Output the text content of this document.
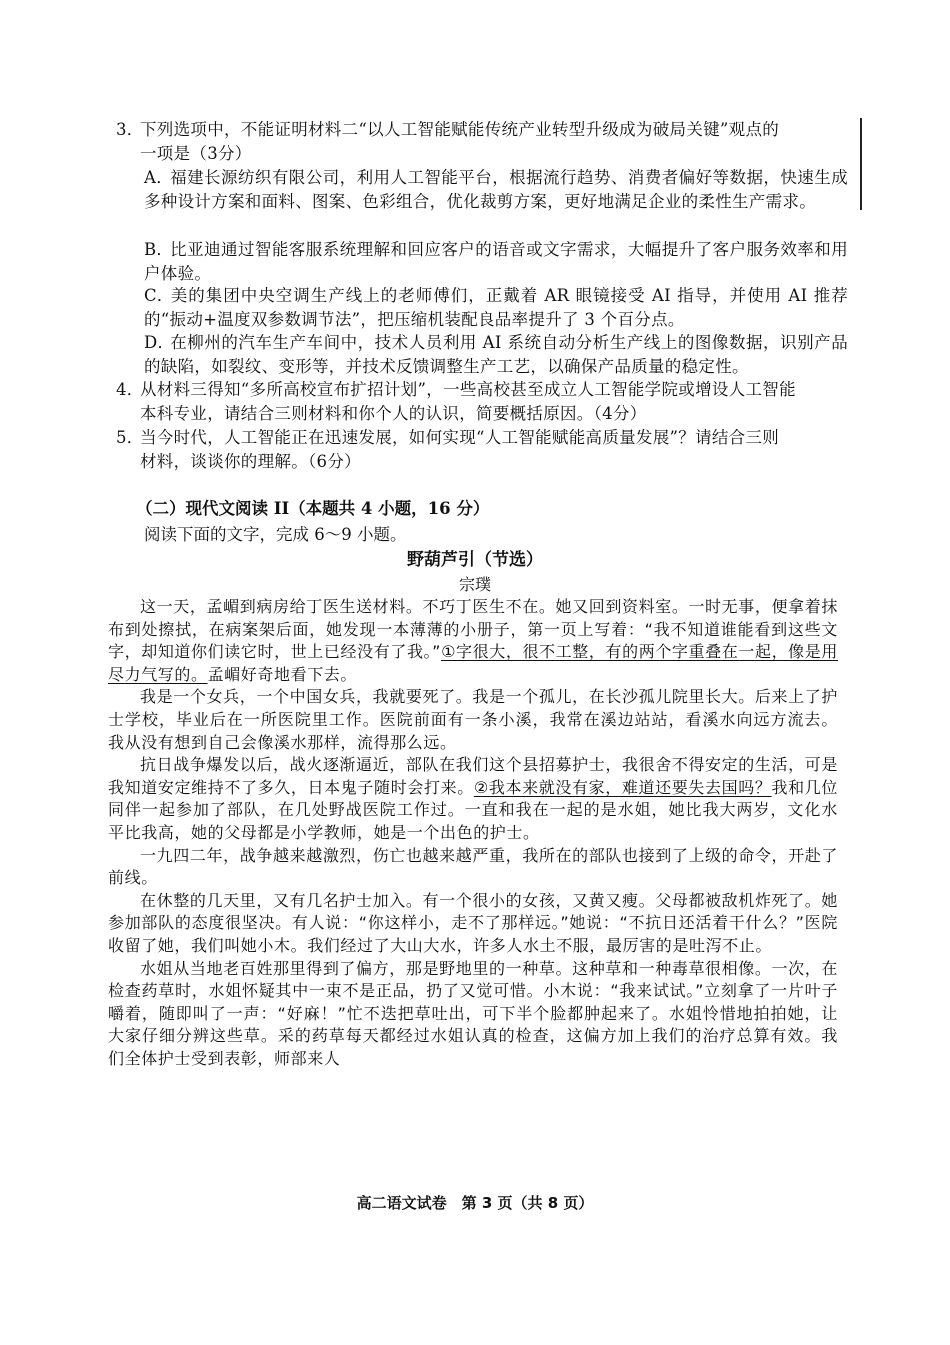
3．下列选项中，不能证明材料二“以人工智能赋能传统产业转型升级成为破局关键”观点的
一项是（3分）
A．福建长源纺织有限公司，利用人工智能平台，根据流行趋势、消费者偏好等数据，快速生成多种设计方案和面料、图案、色彩组合，优化裁剪方案，更好地满足企业的柔性生产需求。
B．比亚迪通过智能客服系统理解和回应客户的语音或文字需求，大幅提升了客户服务效率和用户体验。
C．美的集团中央空调生产线上的老师傅们，正戴着 AR 眼镜接受 AI 指导，并使用 AI 推荐的“振动+温度双参数调节法”，把压缩机装配良品率提升了 3 个百分点。
D．在柳州的汽车生产车间中，技术人员利用 AI 系统自动分析生产线上的图像数据，识别产品的缺陷，如裂纹、变形等，并技术反馈调整生产工艺，以确保产品质量的稳定性。
4．从材料三得知“多所高校宣布扩招计划”，一些高校甚至成立人工智能学院或增设人工智能
本科专业，请结合三则材料和你个人的认识，简要概括原因。（4分）
5．当今时代，人工智能正在迅速发展，如何实现“人工智能赋能高质量发展”？请结合三则
材料，谈谈你的理解。（6分）
（二）现代文阅读 II（本题共 4 小题，16 分）
阅读下面的文字，完成 6～9 小题。
野葫芦引（节选）
宗璞

这一天，孟嵋到病房给丁医生送材料。不巧丁医生不在。她又回到资料室。一时无事，便拿着抹布到处擦拭，在病案架后面，她发现一本薄薄的小册子，第一页上写着：“我不知道谁能看到这些文字，却知道你们读它时，世上已经没有了我。”①字很大，很不工整，有的两个字重叠在一起，像是用尽力气写的。孟嵋好奇地看下去。

我是一个女兵，一个中国女兵，我就要死了。我是一个孤儿，在长沙孤儿院里长大。后来上了护士学校，毕业后在一所医院里工作。医院前面有一条小溪，我常在溪边站站，看溪水向远方流去。我从没有想到自己会像溪水那样，流得那么远。

抗日战争爆发以后，战火逐渐逼近，部队在我们这个县招募护士，我很舍不得安定的生活，可是我知道安定维持不了多久，日本鬼子随时会打来。②我本来就没有家，难道还要失去国吗？我和几位同伴一起参加了部队，在几处野战医院工作过。一直和我在一起的是水姐，她比我大两岁，文化水平比我高，她的父母都是小学教师，她是一个出色的护士。

一九四二年，战争越来越激烈，伤亡也越来越严重，我所在的部队也接到了上级的命令，开赴了前线。

在休整的几天里，又有几名护士加入。有一个很小的女孩，又黄又瘦。父母都被敌机炸死了。她参加部队的态度很坚决。有人说：“你这样小，走不了那样远。”她说：“不抗日还活着干什么？”医院收留了她，我们叫她小木。我们经过了大山大水，许多人水土不服，最厉害的是吐泻不止。

水姐从当地老百姓那里得到了偏方，那是野地里的一种草。这种草和一种毒草很相像。一次，在检查药草时，水姐怀疑其中一束不是正品，扔了又觉可惜。小木说：“我来试试。”立刻拿了一片叶子嚼着，随即叫了一声：“好麻！”忙不迭把草吐出，可下半个脸都肿起来了。水姐怜惜地拍拍她，让大家仔细分辨这些草。采的药草每天都经过水姐认真的检查，这偏方加上我们的治疗总算有效。我们全体护士受到表彰，师部来人

高二语文试卷　第 3 页（共 8 页）
